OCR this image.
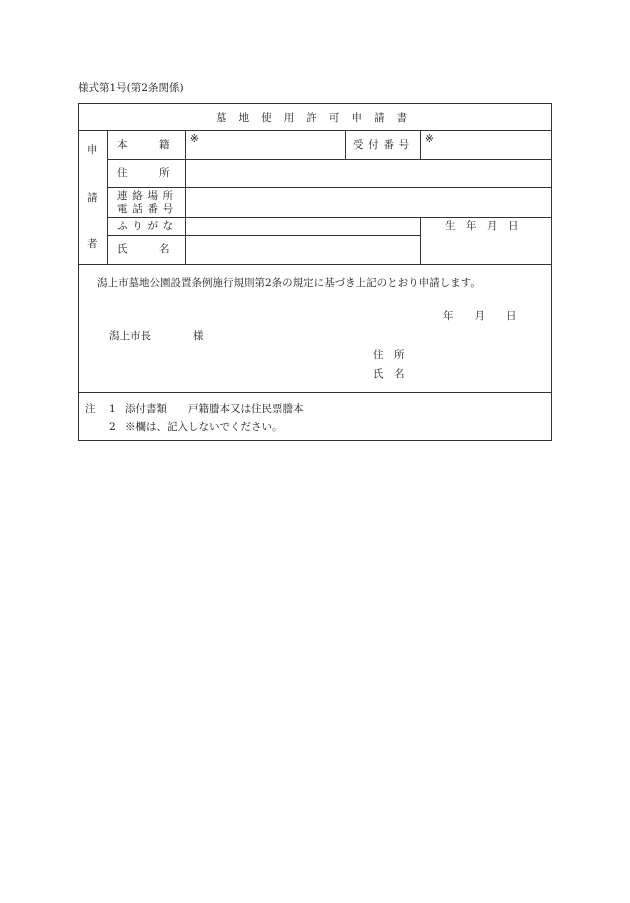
様式第1号(第2条関係)
墓地使用許可申請書
申
請
者
本　　　籍 ※	受付番号 ※
住　　　所
連絡場所
電話番号
ふりがな	生　年　月　日
氏　　　名
潟上市墓地公園設置条例施行規則第2条の規定に基づき上記のとおり申請します。
年　　月　　日
潟上市長　　　　様
住　所
氏　名
注 1 添付書類　　戸籍謄本又は住民票謄本
2 ※欄は、記入しないでください。
